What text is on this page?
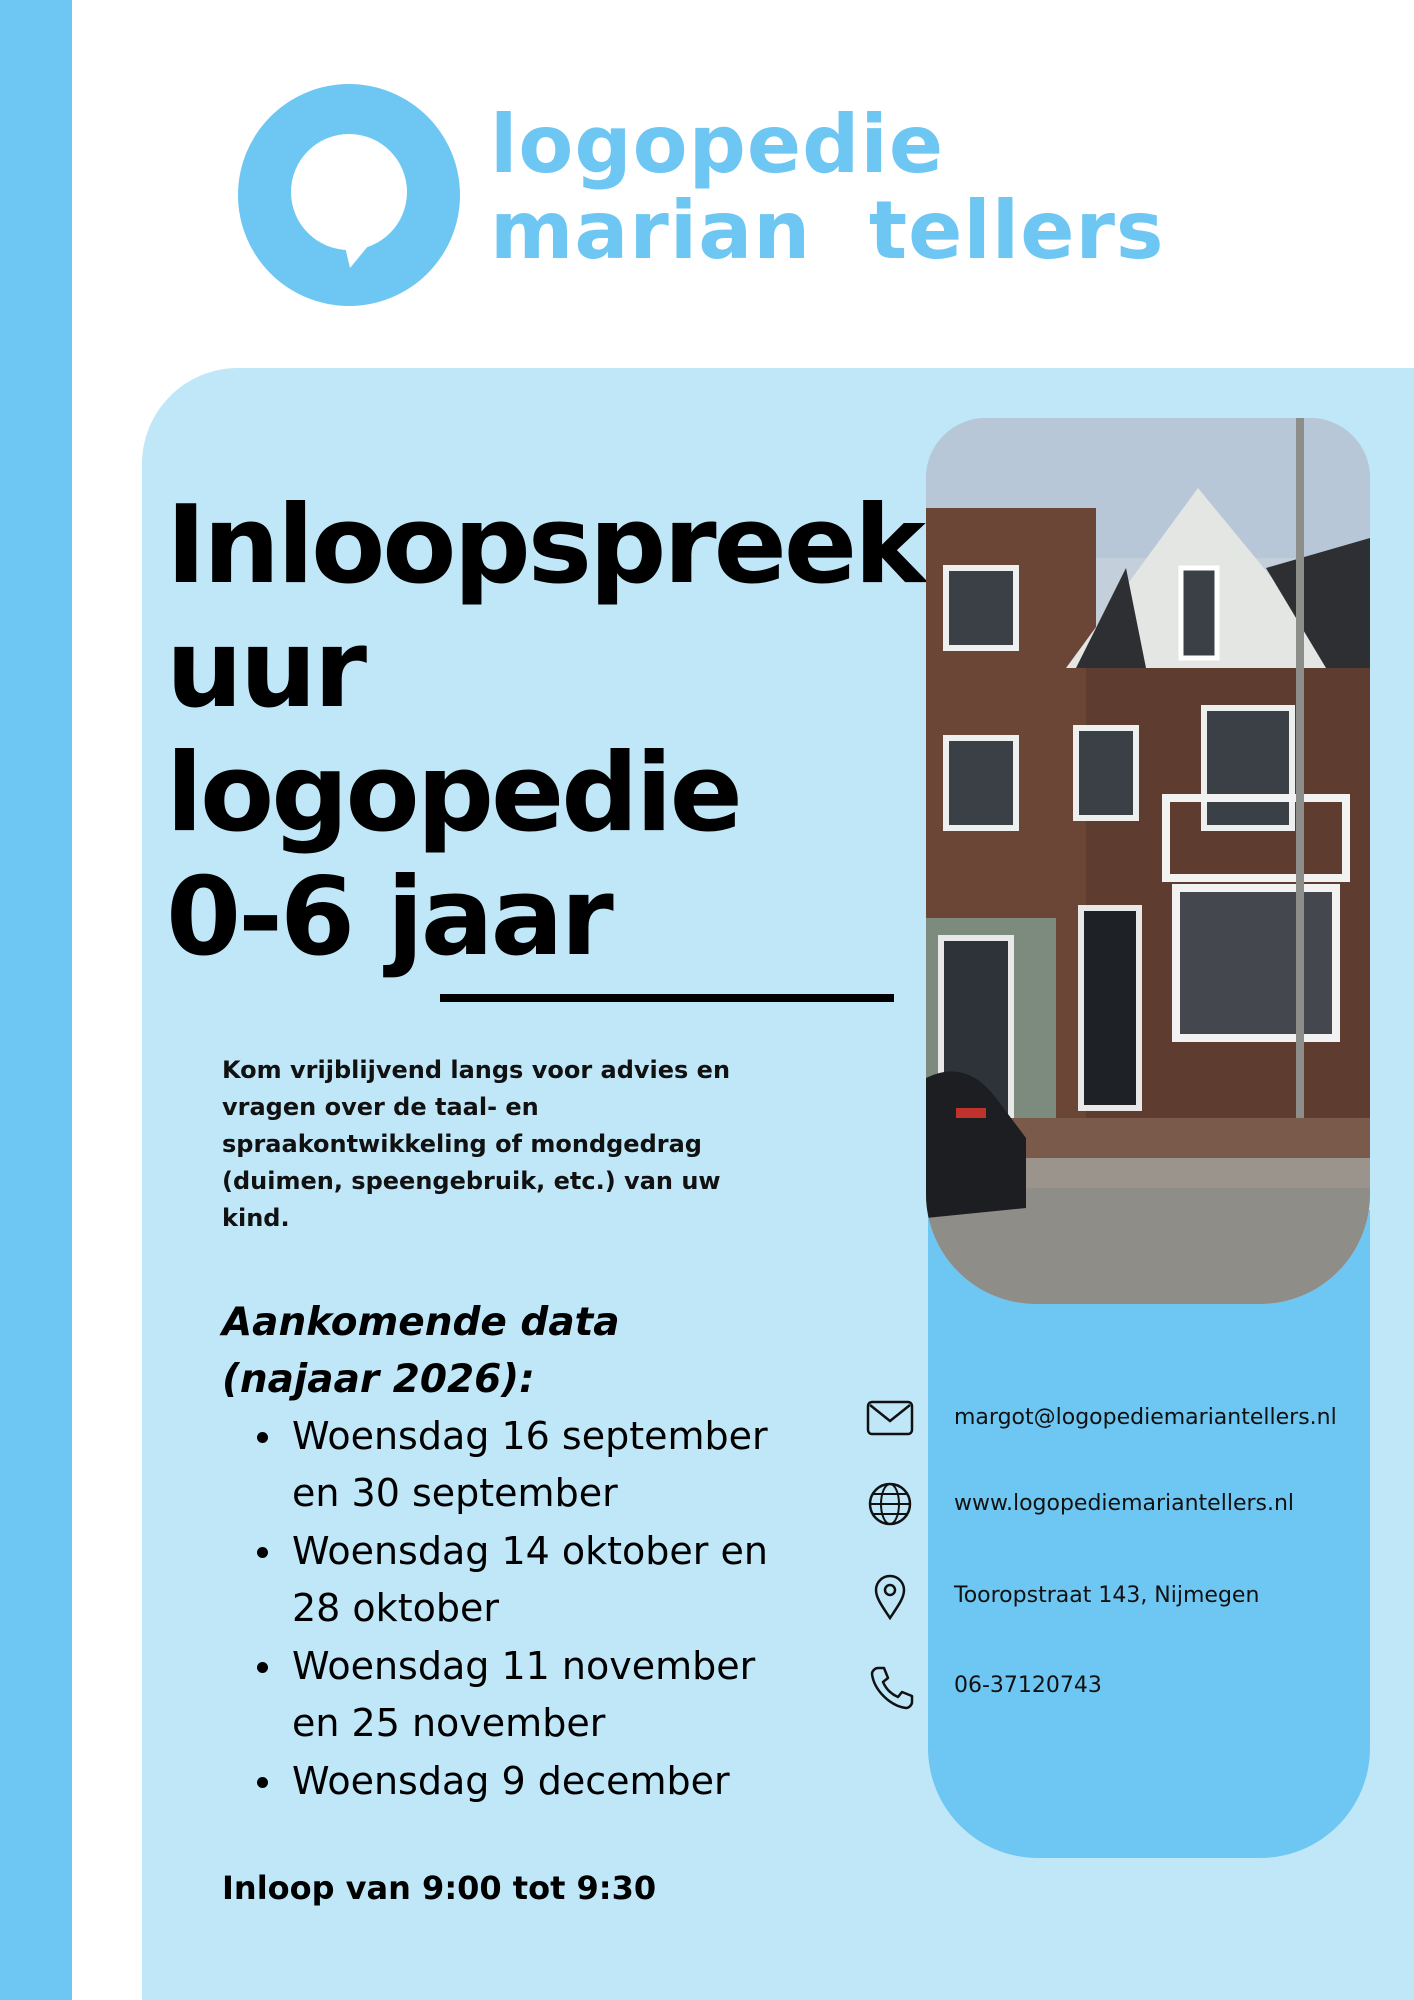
logopedie
marian  tellers
Inloopspreek
uur logopedie
0-6 jaar

Kom vrijblijvend langs voor advies en vragen over de taal- en spraakontwikkeling of mondgedrag (duimen, speengebruik, etc.) van uw kind.

Aankomende data (najaar 2026):
Woensdag 16 september en 30 september
Woensdag 14 oktober en 28 oktober
Woensdag 11 november en 25 november
Woensdag 9 december
Inloop van 9:00 tot 9:30
margot@logopediemariantellers.nl
www.logopediemariantellers.nl
Tooropstraat 143, Nijmegen
06-37120743
